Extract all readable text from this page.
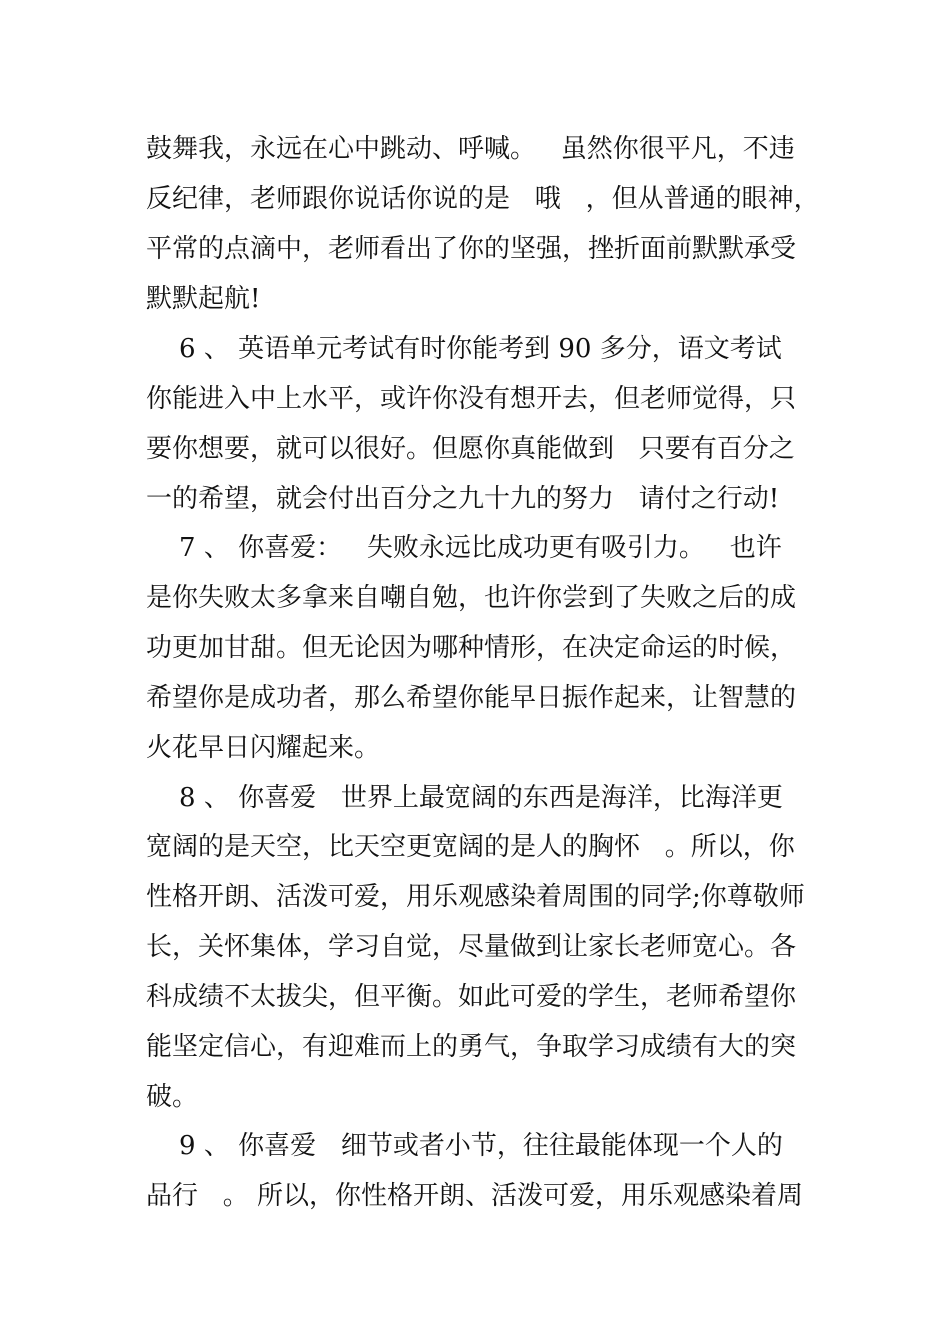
鼓舞我，永远在心中跳动、呼喊。   虽然你很平凡，不违
反纪律，老师跟你说话你说的是   哦   ，但从普通的眼神，
平常的点滴中，老师看出了你的坚强，挫折面前默默承受
默默起航!
6 、 英语单元考试有时你能考到 90 多分，语文考试
你能进入中上水平，或许你没有想开去，但老师觉得，只
要你想要，就可以很好。但愿你真能做到   只要有百分之
一的希望，就会付出百分之九十九的努力   请付之行动!
7 、 你喜爱：   失败永远比成功更有吸引力。   也许
是你失败太多拿来自嘲自勉，也许你尝到了失败之后的成
功更加甘甜。但无论因为哪种情形，在决定命运的时候，
希望你是成功者，那么希望你能早日振作起来，让智慧的
火花早日闪耀起来。
8 、 你喜爱   世界上最宽阔的东西是海洋，比海洋更
宽阔的是天空，比天空更宽阔的是人的胸怀   。所以，你
性格开朗、活泼可爱，用乐观感染着周围的同学;你尊敬师
长，关怀集体，学习自觉，尽量做到让家长老师宽心。各
科成绩不太拔尖，但平衡。如此可爱的学生，老师希望你
能坚定信心，有迎难而上的勇气，争取学习成绩有大的突
破。
9 、 你喜爱   细节或者小节，往往最能体现一个人的
品行   。 所以，你性格开朗、活泼可爱，用乐观感染着周
